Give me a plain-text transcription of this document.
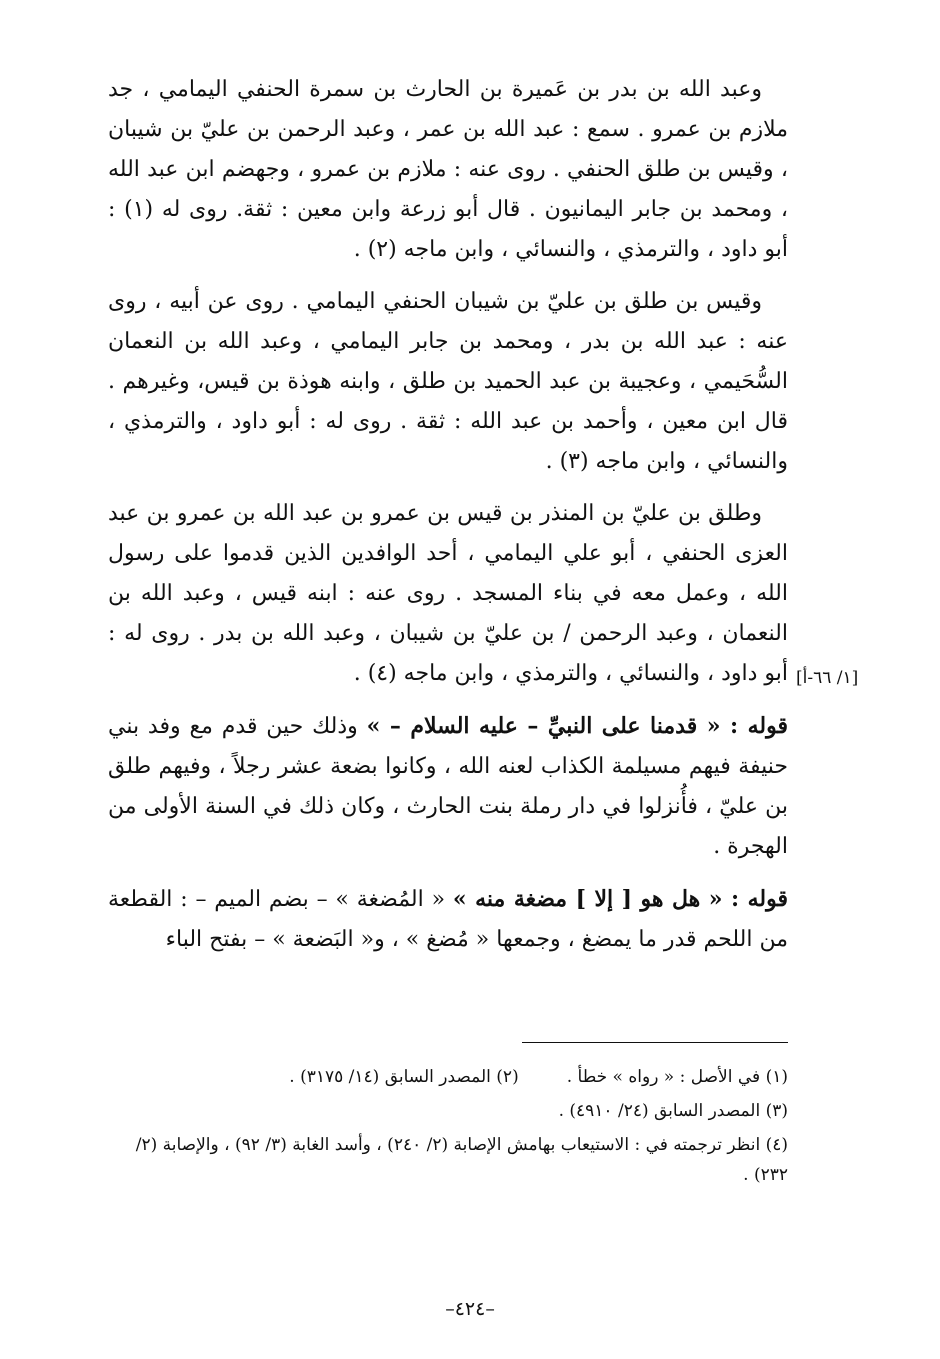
وعبد الله بن بدر بن عَميرة بن الحارث بن سمرة الحنفي اليمامي ، جد ملازم بن عمرو . سمع : عبد الله بن عمر ، وعبد الرحمن بن عليّ بن شيبان ، وقيس بن طلق الحنفي . روى عنه : ملازم بن عمرو ، وجهضم ابن عبد الله ، ومحمد بن جابر اليمانيون . قال أبو زرعة وابن معين : ثقة. روى له (١) : أبو داود ، والترمذي ، والنسائي ، وابن ماجه (٢) .

وقيس بن طلق بن عليّ بن شيبان الحنفي اليمامي . روى عن أبيه ، روى عنه : عبد الله بن بدر ، ومحمد بن جابر اليمامي ، وعبد الله بن النعمان السُّحَيمي ، وعجيبة بن عبد الحميد بن طلق ، وابنه هوذة بن قيس، وغيرهم . قال ابن معين ، وأحمد بن عبد الله : ثقة . روى له : أبو داود ، والترمذي ، والنسائي ، وابن ماجه (٣) .

وطلق بن عليّ بن المنذر بن قيس بن عمرو بن عبد الله بن عمرو بن عبد العزى الحنفي ، أبو علي اليمامي ، أحد الوافدين الذين قدموا على رسول الله ، وعمل معه في بناء المسجد . روى عنه : ابنه قيس ، وعبد الله بن النعمان ، وعبد الرحمن / بن عليّ بن شيبان ، وعبد الله بن بدر . روى له : أبو داود ، والنسائي ، والترمذي ، وابن ماجه (٤) .

قوله : « قدمنا على النبيِّ – عليه السلام – » وذلك حين قدم مع وفد بني حنيفة فيهم مسيلمة الكذاب لعنه الله ، وكانوا بضعة عشر رجلاً ، وفيهم طلق بن عليّ ، فأُنزلوا في دار رملة بنت الحارث ، وكان ذلك في السنة الأولى من الهجرة .

قوله : « هل هو [ إلا ] مضغة منه » « المُضغة » – بضم الميم – : القطعة من اللحم قدر ما يمضغ ، وجمعها « مُضغ » ، و« البَضعة » – بفتح الباء

[١/ ٦٦-أ]
(١) في الأصل : « رواه » خطأ .
(٢) المصدر السابق (١٤/ ٣١٧٥) .

(٣) المصدر السابق (٢٤/ ٤٩١٠) .

(٤) انظر ترجمته في : الاستيعاب بهامش الإصابة (٢/ ٢٤٠) ، وأسد الغابة (٣/ ٩٢) ، والإصابة (٢/ ٢٣٢) .

–٤٢٤–
